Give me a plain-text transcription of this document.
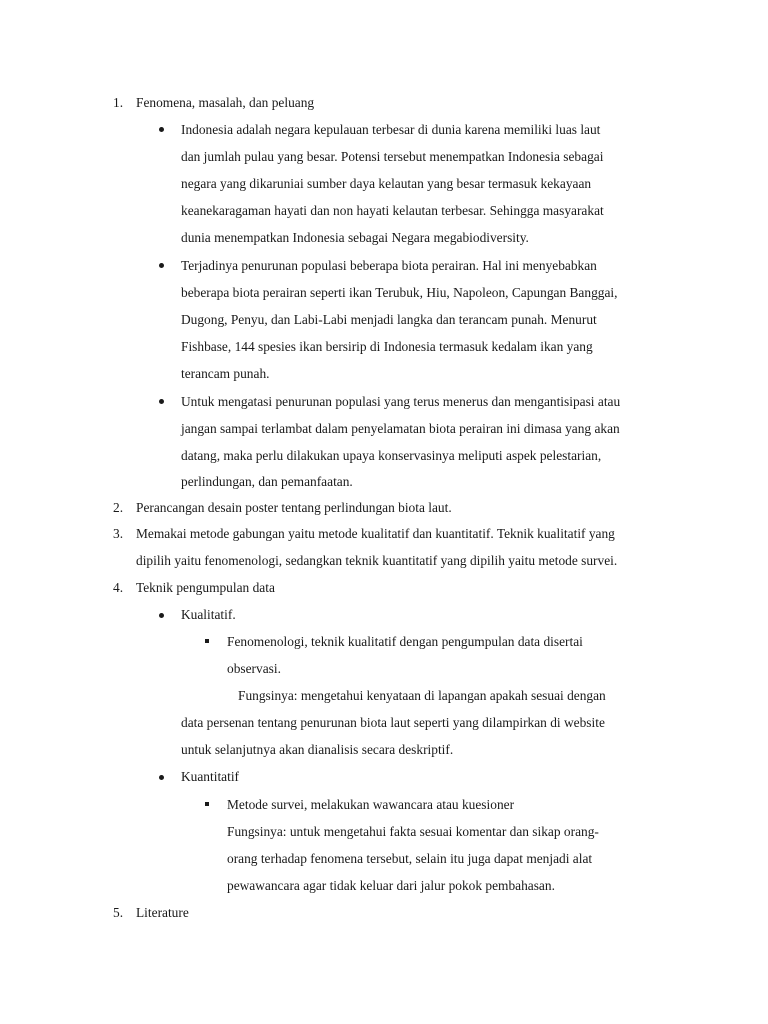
1. Fenomena, masalah, dan peluang
Indonesia adalah negara kepulauan terbesar di dunia karena memiliki luas laut
dan jumlah pulau yang besar. Potensi tersebut menempatkan Indonesia sebagai
negara yang dikaruniai sumber daya kelautan yang besar termasuk kekayaan
keanekaragaman hayati dan non hayati kelautan terbesar. Sehingga masyarakat
dunia menempatkan Indonesia sebagai Negara megabiodiversity.
Terjadinya penurunan populasi beberapa biota perairan. Hal ini menyebabkan
beberapa biota perairan seperti ikan Terubuk, Hiu, Napoleon, Capungan Banggai,
Dugong, Penyu, dan Labi-Labi menjadi langka dan terancam punah. Menurut
Fishbase, 144 spesies ikan bersirip di Indonesia termasuk kedalam ikan yang
terancam punah.
Untuk mengatasi penurunan populasi yang terus menerus dan mengantisipasi atau
jangan sampai terlambat dalam penyelamatan biota perairan ini dimasa yang akan
datang, maka perlu dilakukan upaya konservasinya meliputi aspek pelestarian,
perlindungan, dan pemanfaatan.
2. Perancangan desain poster tentang perlindungan biota laut.
3. Memakai metode gabungan yaitu metode kualitatif dan kuantitatif. Teknik kualitatif yang
dipilih yaitu fenomenologi, sedangkan teknik kuantitatif yang dipilih yaitu metode survei.
4. Teknik pengumpulan data
Kualitatif.
Fenomenologi, teknik kualitatif dengan pengumpulan data disertai
observasi.
Fungsinya: mengetahui kenyataan di lapangan apakah sesuai dengan
data persenan tentang penurunan biota laut seperti yang dilampirkan di website
untuk selanjutnya akan dianalisis secara deskriptif.
Kuantitatif
Metode survei, melakukan wawancara atau kuesioner
Fungsinya: untuk mengetahui fakta sesuai komentar dan sikap orang-
orang terhadap fenomena tersebut, selain itu juga dapat menjadi alat
pewawancara agar tidak keluar dari jalur pokok pembahasan.
5. Literature
